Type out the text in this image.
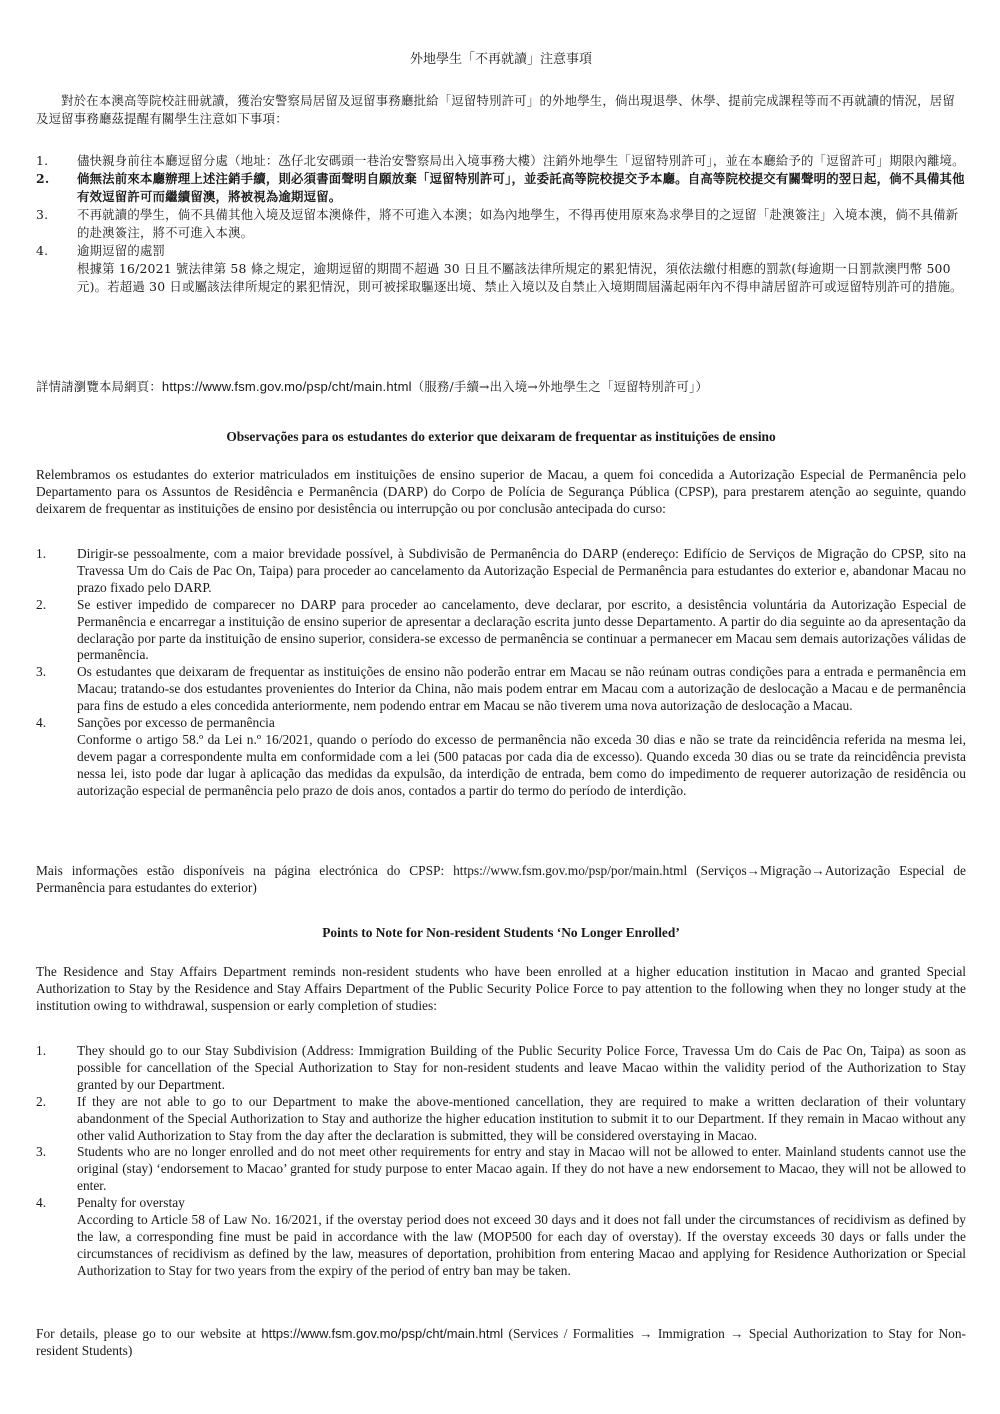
外地學生「不再就讀」注意事項
對於在本澳高等院校註冊就讀，獲治安警察局居留及逗留事務廳批給「逗留特別許可」的外地學生，倘出現退學、休學、提前完成課程等而不再就讀的情況，居留及逗留事務廳茲提醒有關學生注意如下事項：
1. 儘快親身前往本廳逗留分處（地址：氹仔北安碼頭一巷治安警察局出入境事務大樓）注銷外地學生「逗留特別許可」，並在本廳給予的「逗留許可」期限內離境。
2. 倘無法前來本廳辦理上述注銷手續，則必須書面聲明自願放棄「逗留特別許可」，並委託高等院校提交予本廳。自高等院校提交有關聲明的翌日起，倘不具備其他有效逗留許可而繼續留澳，將被視為逾期逗留。
3. 不再就讀的學生，倘不具備其他入境及逗留本澳條件，將不可進入本澳；如為內地學生，不得再使用原來為求學目的之逗留「赴澳簽注」入境本澳，倘不具備新的赴澳簽注，將不可進入本澳。
4. 逾期逗留的處罰
根據第 16/2021 號法律第 58 條之規定，逾期逗留的期間不超過 30 日且不屬該法律所規定的累犯情況，須依法繳付相應的罰款(每逾期一日罰款澳門幣 500 元)。若超過 30 日或屬該法律所規定的累犯情況，則可被採取驅逐出境、禁止入境以及自禁止入境期間屆滿起兩年內不得申請居留許可或逗留特別許可的措施。
詳情請瀏覽本局網頁：https://www.fsm.gov.mo/psp/cht/main.html（服務/手續→出入境→外地學生之「逗留特別許可」）
Observações para os estudantes do exterior que deixaram de frequentar as instituições de ensino
Relembramos os estudantes do exterior matriculados em instituições de ensino superior de Macau, a quem foi concedida a Autorização Especial de Permanência pelo Departamento para os Assuntos de Residência e Permanência (DARP) do Corpo de Polícia de Segurança Pública (CPSP), para prestarem atenção ao seguinte, quando deixarem de frequentar as instituições de ensino por desistência ou interrupção ou por conclusão antecipada do curso:
1. Dirigir-se pessoalmente, com a maior brevidade possível, à Subdivisão de Permanência do DARP (endereço: Edifício de Serviços de Migração do CPSP, sito na Travessa Um do Cais de Pac On, Taipa) para proceder ao cancelamento da Autorização Especial de Permanência para estudantes do exterior e, abandonar Macau no prazo fixado pelo DARP.
2. Se estiver impedido de comparecer no DARP para proceder ao cancelamento, deve declarar, por escrito, a desistência voluntária da Autorização Especial de Permanência e encarregar a instituição de ensino superior de apresentar a declaração escrita junto desse Departamento. A partir do dia seguinte ao da apresentação da declaração por parte da instituição de ensino superior, considera-se excesso de permanência se continuar a permanecer em Macau sem demais autorizações válidas de permanência.
3. Os estudantes que deixaram de frequentar as instituições de ensino não poderão entrar em Macau se não reúnam outras condições para a entrada e permanência em Macau; tratando-se dos estudantes provenientes do Interior da China, não mais podem entrar em Macau com a autorização de deslocação a Macau e de permanência para fins de estudo a eles concedida anteriormente, nem podendo entrar em Macau se não tiverem uma nova autorização de deslocação a Macau.
4. Sanções por excesso de permanência
Conforme o artigo 58.º da Lei n.º 16/2021, quando o período do excesso de permanência não exceda 30 dias e não se trate da reincidência referida na mesma lei, devem pagar a correspondente multa em conformidade com a lei (500 patacas por cada dia de excesso). Quando exceda 30 dias ou se trate da reincidência prevista nessa lei, isto pode dar lugar à aplicação das medidas da expulsão, da interdição de entrada, bem como do impedimento de requerer autorização de residência ou autorização especial de permanência pelo prazo de dois anos, contados a partir do termo do período de interdição.
Mais informações estão disponíveis na página electrónica do CPSP: https://www.fsm.gov.mo/psp/por/main.html (Serviços→Migração→Autorização Especial de Permanência para estudantes do exterior)
Points to Note for Non-resident Students ‘No Longer Enrolled’
The Residence and Stay Affairs Department reminds non-resident students who have been enrolled at a higher education institution in Macao and granted Special Authorization to Stay by the Residence and Stay Affairs Department of the Public Security Police Force to pay attention to the following when they no longer study at the institution owing to withdrawal, suspension or early completion of studies:
1. They should go to our Stay Subdivision (Address: Immigration Building of the Public Security Police Force, Travessa Um do Cais de Pac On, Taipa) as soon as possible for cancellation of the Special Authorization to Stay for non-resident students and leave Macao within the validity period of the Authorization to Stay granted by our Department.
2. If they are not able to go to our Department to make the above-mentioned cancellation, they are required to make a written declaration of their voluntary abandonment of the Special Authorization to Stay and authorize the higher education institution to submit it to our Department. If they remain in Macao without any other valid Authorization to Stay from the day after the declaration is submitted, they will be considered overstaying in Macao.
3. Students who are no longer enrolled and do not meet other requirements for entry and stay in Macao will not be allowed to enter. Mainland students cannot use the original (stay) ‘endorsement to Macao’ granted for study purpose to enter Macao again. If they do not have a new endorsement to Macao, they will not be allowed to enter.
4. Penalty for overstay
According to Article 58 of Law No. 16/2021, if the overstay period does not exceed 30 days and it does not fall under the circumstances of recidivism as defined by the law, a corresponding fine must be paid in accordance with the law (MOP500 for each day of overstay). If the overstay exceeds 30 days or falls under the circumstances of recidivism as defined by the law, measures of deportation, prohibition from entering Macao and applying for Residence Authorization or Special Authorization to Stay for two years from the expiry of the period of entry ban may be taken.
For details, please go to our website at https://www.fsm.gov.mo/psp/cht/main.html (Services / Formalities → Immigration → Special Authorization to Stay for Non-resident Students)
